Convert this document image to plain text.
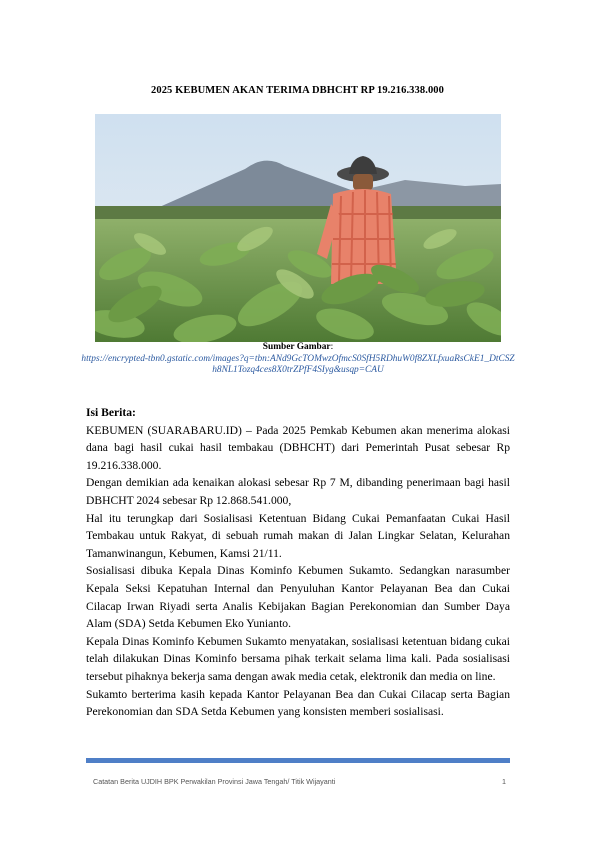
2025 KEBUMEN AKAN TERIMA DBHCHT RP 19.216.338.000
Sumber Gambar:
https://encrypted-tbn0.gstatic.com/images?q=tbn:ANd9GcTOMwzOfmcS0SfH5RDhuW0f8ZXLfxuaRsCkE1_DtCSZh8NL1Tozq4ces8X0trZPfF4SIyg&usqp=CAU
Isi Berita:

KEBUMEN (SUARABARU.ID) – Pada 2025 Pemkab Kebumen akan menerima alokasi dana bagi hasil cukai hasil tembakau (DBHCHT) dari Pemerintah Pusat sebesar Rp 19.216.338.000.

Dengan demikian ada kenaikan alokasi sebesar Rp 7 M, dibanding penerimaan bagi hasil DBHCHT 2024 sebesar Rp 12.868.541.000,

Hal itu terungkap dari Sosialisasi Ketentuan Bidang Cukai Pemanfaatan Cukai Hasil Tembakau untuk Rakyat, di sebuah rumah makan di Jalan Lingkar Selatan, Kelurahan Tamanwinangun, Kebumen, Kamsi 21/11.

Sosialisasi dibuka Kepala Dinas Kominfo Kebumen Sukamto. Sedangkan narasumber Kepala Seksi Kepatuhan Internal dan Penyuluhan Kantor Pelayanan Bea dan Cukai Cilacap Irwan Riyadi serta Analis Kebijakan Bagian Perekonomian dan Sumber Daya Alam (SDA) Setda Kebumen Eko Yunianto.

Kepala Dinas Kominfo Kebumen Sukamto menyatakan, sosialisasi ketentuan bidang cukai telah dilakukan Dinas Kominfo bersama pihak terkait selama lima kali. Pada sosialisasi tersebut pihaknya bekerja sama dengan awak media cetak, elektronik dan media on line.

Sukamto berterima kasih kepada Kantor Pelayanan Bea dan Cukai Cilacap serta Bagian Perekonomian dan SDA Setda Kebumen yang konsisten memberi sosialisasi.

Catatan Berita UJDIH BPK Perwakilan Provinsi Jawa Tengah/ Titik Wijayanti	1
